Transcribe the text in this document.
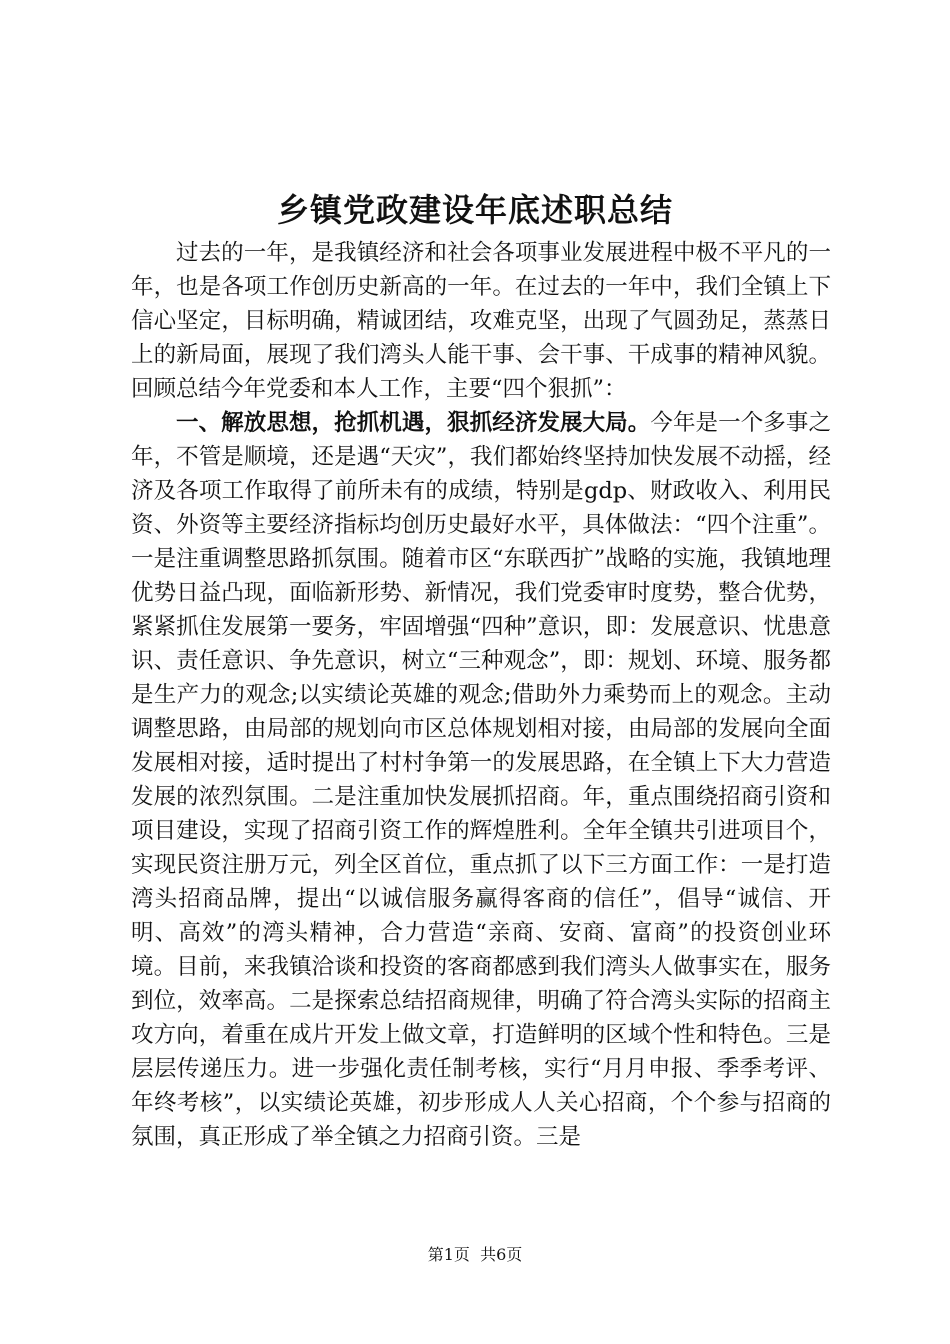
乡镇党政建设年底述职总结

过去的一年，是我镇经济和社会各项事业发展进程中极不平凡的一年，也是各项工作创历史新高的一年。在过去的一年中，我们全镇上下信心坚定，目标明确，精诚团结，攻难克坚，出现了气圆劲足，蒸蒸日上的新局面，展现了我们湾头人能干事、会干事、干成事的精神风貌。回顾总结今年党委和本人工作，主要“四个狠抓”：

一、解放思想，抢抓机遇，狠抓经济发展大局。今年是一个多事之年，不管是顺境，还是遇“天灾”，我们都始终坚持加快发展不动摇，经济及各项工作取得了前所未有的成绩，特别是gdp、财政收入、利用民资、外资等主要经济指标均创历史最好水平，具体做法：“四个注重”。一是注重调整思路抓氛围。随着市区“东联西扩”战略的实施，我镇地理优势日益凸现，面临新形势、新情况，我们党委审时度势，整合优势，紧紧抓住发展第一要务，牢固增强“四种”意识，即：发展意识、忧患意识、责任意识、争先意识，树立“三种观念”，即：规划、环境、服务都是生产力的观念;以实绩论英雄的观念;借助外力乘势而上的观念。主动调整思路，由局部的规划向市区总体规划相对接，由局部的发展向全面发展相对接，适时提出了村村争第一的发展思路，在全镇上下大力营造发展的浓烈氛围。二是注重加快发展抓招商。年，重点围绕招商引资和项目建设，实现了招商引资工作的辉煌胜利。全年全镇共引进项目个，实现民资注册万元，列全区首位，重点抓了以下三方面工作：一是打造湾头招商品牌，提出“以诚信服务赢得客商的信任”，倡导“诚信、开明、高效”的湾头精神，合力营造“亲商、安商、富商”的投资创业环境。目前，来我镇洽谈和投资的客商都感到我们湾头人做事实在，服务到位，效率高。二是探索总结招商规律，明确了符合湾头实际的招商主攻方向，着重在成片开发上做文章，打造鲜明的区域个性和特色。三是层层传递压力。进一步强化责任制考核，实行“月月申报、季季考评、年终考核”，以实绩论英雄，初步形成人人关心招商，个个参与招商的氛围，真正形成了举全镇之力招商引资。三是

第1页 共6页
